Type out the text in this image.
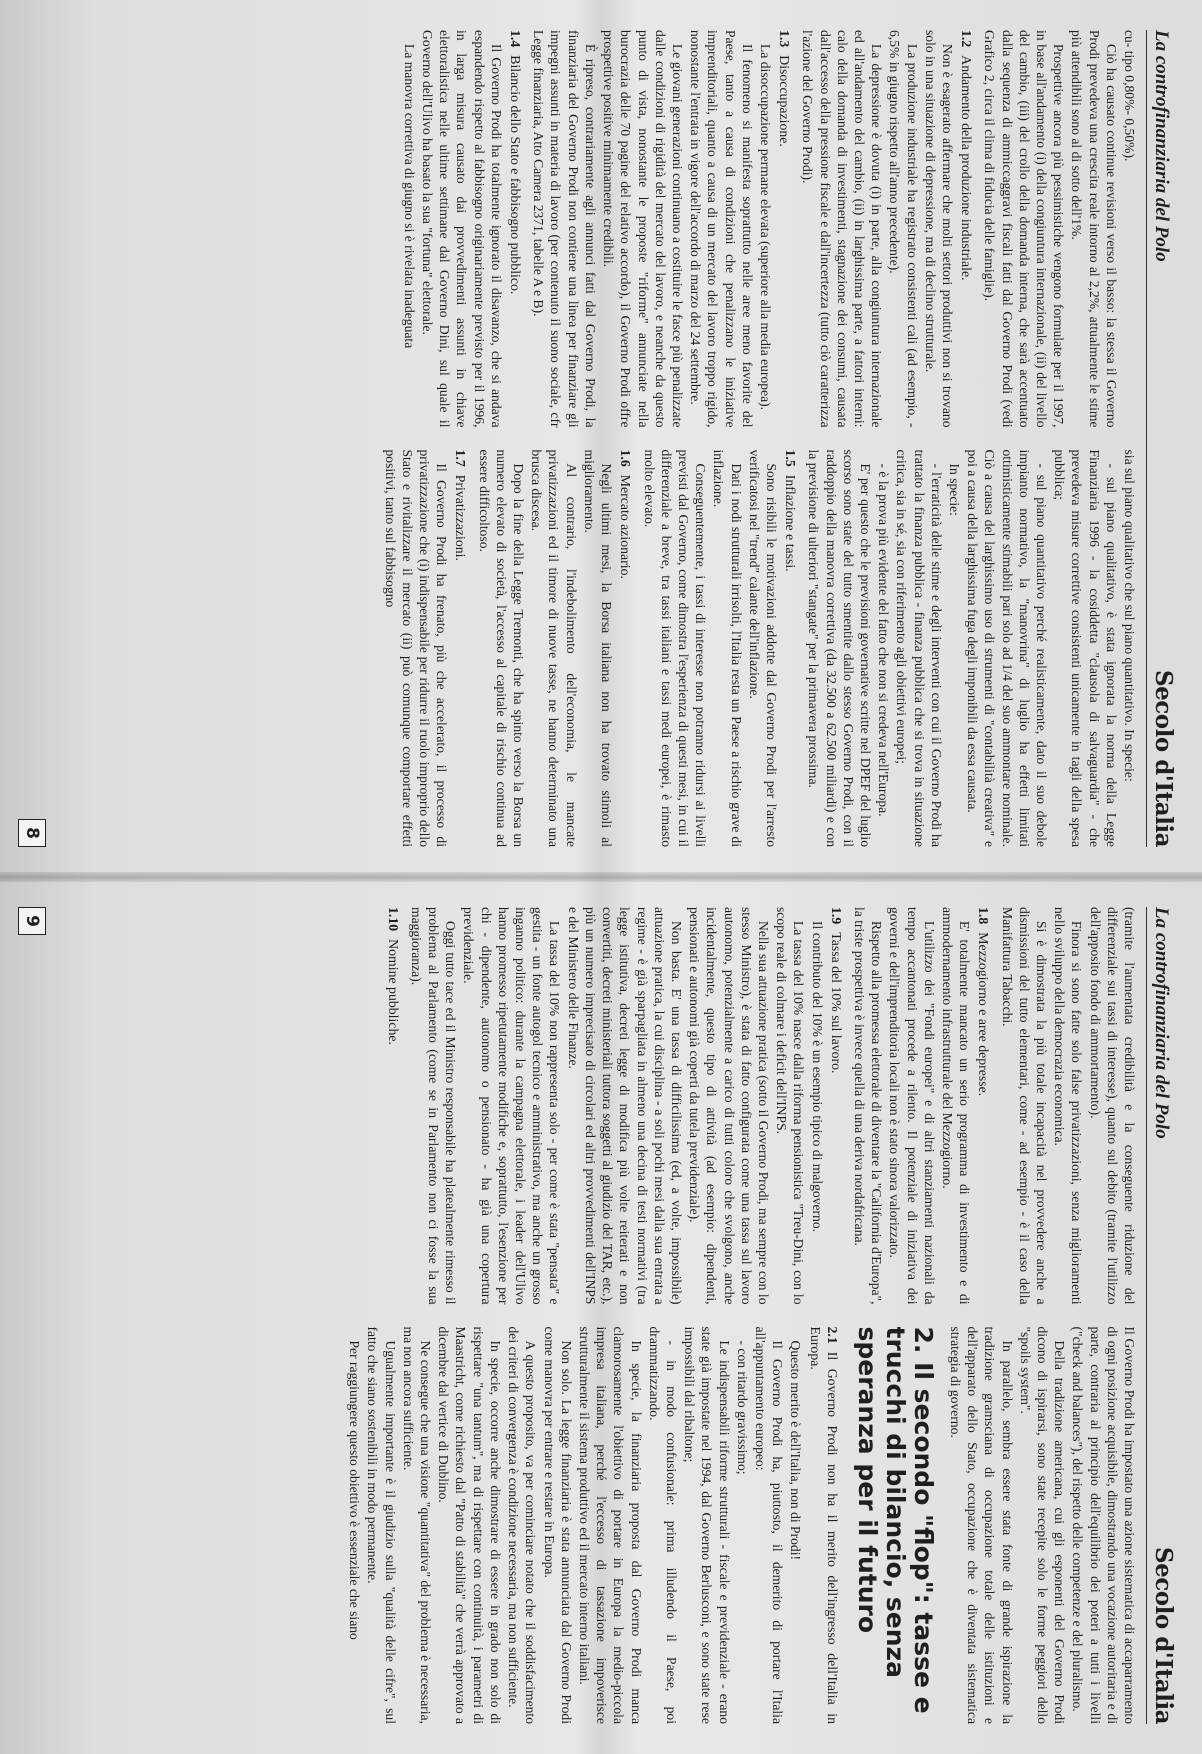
La controfinanziaria del Polo
Secolo d'Italia

cu- tipo 0,80%- 0,50%).

Ciò ha causato continue revisioni verso il basso: la stessa il Governo Prodi prevedeva una crescita reale intorno al 2,2%, attualmente le stime più attendibili sono al di sotto dell'1%.

Prospettive ancora più pessimistiche vengono formulate per il 1997, in base all'andamento (i) della congiuntura internazionale, (ii) del livello del cambio, (iii) del crollo della domanda interna, che sarà accentuato dalla sequenza di ammiccaggravi fiscali fatti dal Governo Prodi (vedi Grafico 2, circa il clima di fiducia delle famiglie).

1.2Andamento della produzione industriale.

Non è esagerato affermare che molti settori produttivi non si trovano solo in una situazione di depressione, ma di declino strutturale.

La produzione industriale ha registrato consistenti cali (ad esempio, - 6,5% in giugno rispetto all'anno precedente).

La depressione è dovuta (i) in parte, alla congiuntura internazionale ed all'andamento del cambio, (ii) in larghissima parte, a fattori interni: calo della domanda di investimenti, stagnazione dei consumi, causata dall'accesso della pressione fiscale e dall'incertezza (tutto ciò caratterizza l'azione del Governo Prodi).

1.3Disoccupazione.

La disoccupazione permane elevata (superiore alla media europea).

Il fenomeno si manifesta soprattutto nelle aree meno favorite del Paese, tanto a causa di condizioni che penalizzano le iniziative imprenditoriali, quanto a causa di un mercato del lavoro troppo rigido, nonostante l'entrata in vigore dell'accordo di marzo del 24 settembre.

Le giovani generazioni continuano a costituire le fasce più penalizzate dalle condizioni di rigidità del mercato del lavoro, e neanche da questo punto di vista, nonostante le proposte "riforme" annunciate nella burocrazia delle 70 pagine del relativo accordo), il Governo Prodi offre prospettive positive minimamente credibili.

È ripreso, contrariamente agli annunci fatti dal Governo Prodi, la finanziaria del Governo Prodi non contiene una linea per finanziare gli impegni assunti in materia di lavoro (per contenuto il suono sociale, cfr Legge finanziaria, Atto Camera 2371, tabelle A e B).

1.4Bilancio dello Stato e fabbisogno pubblico.

Il Governo Prodi ha totalmente ignorato il disavanzo, che si andava espandendo rispetto al fabbisogno originariamente previsto per il 1996, in larga misura causato dai provvedimenti assunti in chiave elettoralistica nelle ultime settimane dal Governo Dini, sul quale il Governo dell'Ulivo ha basato la sua "fortuna" elettorale.

La manovra correttiva di giugno si è rivelata inadeguata

sia sul piano qualitativo che sul piano quantitativo. In specie:

- sul piano qualitativo, è stata ignorata la norma della Legge Finanziaria 1996 - la cosiddetta "clausola di salvaguardia" - che prevedeva misure correttive consistenti unicamente in tagli della spesa pubblica;

- sul piano quantitativo perché realisticamente, dato il suo debole impianto normativo, la "manovrina" di luglio ha effetti limitati ottimisticamente stimabili pari solo ad 1/4 del suo ammontare nominale. Ciò a causa del larghissimo uso di strumenti di "contabilità creativa" e poi a causa della larghissima fuga degli imponibili da essa causata.

In specie:

- l'erraticità delle stime e degli interventi con cui il Governo Prodi ha trattato la finanza pubblica - finanza pubblica che si trova in situazione critica, sia in sé, sia con riferimento agli obiettivi europei;

- è la prova più evidente del fatto che non si credeva nell'Europa.

E' per questo che le previsioni governative scritte nel DPEF del luglio scorso sono state del tutto smentite dallo stesso Governo Prodi, con il raddoppio della manovra correttiva (da 32.500 a 62.500 miliardi) e con la previsione di ulteriori "stangate" per la primavera prossima.

1.5Inflazione e tassi.

Sono risibili le motivazioni addotte dal Governo Prodi per l'arresto verificatosi nel "trend" calante dell'inflazione.

Dati i nodi strutturali irrisolti, l'Italia resta un Paese a rischio grave di inflazione.

Conseguentemente, i tassi di interesse non potranno ridursi ai livelli previsti dal Governo, come dimostra l'esperienza di questi mesi, in cui il differenziale a breve, tra tassi italiani e tassi medi europei, è rimasto molto elevato.

1.6Mercato azionario.

Negli ultimi mesi, la Borsa italiana non ha trovato stimoli al miglioramento.

Al contrario, l'indebolimento dell'economia, le mancate privatizzazioni ed il timore di nuove tasse, ne hanno determinato una brusca discesa.

Dopo la fine della Legge Tremonti, che ha spinto verso la Borsa un numero elevato di società, l'accesso al capitale di rischio continua ad essere difficoltoso.

1.7Privatizzazioni.

Il Governo Prodi ha frenato, più che accelerato, il processo di privatizzazione che (i) indispensabile per ridurre il ruolo improprio dello Stato e rivitalizzare il mercato (ii) può comunque comportare effetti positivi, tanto sul fabbisogno

8
La controfinanziaria del Polo
Secolo d'Italia

(tramite l'aumentata credibilità e la conseguente riduzione del differenziale sui tassi di interesse), quanto sul debito (tramite l'utilizzo dell'apposito fondo di ammortamento).

Finora si sono fatte solo false privatizzazioni, senza miglioramenti nello sviluppo della democrazia economica.

Si è dimostrata la più totale incapacità nel provvedere anche a dismissioni del tutto elementari, come - ad esempio - è il caso della Manifattura Tabacchi.

1.8Mezzogiorno e aree depresse.

E' totalmente mancato un serio programma di investimento e di ammodernamento infrastrutturale del Mezzogiorno.

L'utilizzo dei "Fondi europei" e di altri stanziamenti nazionali da tempo accantonati procede a rilento. Il potenziale di iniziativa dei governi e dell'imprenditoria locali non è stato sinora valorizzato.

Rispetto alla promessa elettorale di diventare la "California d'Europa", la triste prospettiva è invece quella di una deriva nordafricana.

1.9Tassa del 10% sul lavoro.

Il contributo del 10% è un esempio tipico di malgoverno.

La tassa del 10% nasce dalla riforma pensionistica "Treu-Dini, con lo scopo reale di colmare i deficit dell'INPS.

Nella sua attuazione pratica (sotto il Governo Prodi, ma sempre con lo stesso Ministro), è stata di fatto configurata come una tassa sul lavoro autonomo, potenzialmente a carico di tutti coloro che svolgono, anche incidentalmente, questo tipo di attività (ad esempio: dipendenti, pensionati e autonomi già coperti da tutela previdenziale).

Non basta. E' una tassa di difficilissima (ed, a volte, impossibile) attuazione pratica, la cui disciplina - a soli pochi mesi dalla sua entrata a regime - è già sparpagliata in almeno una decina di testi normativi (tra legge istitutiva, decreti legge di modifica più volte reiterati e non convertiti, decreti ministeriali tuttora soggetti al giudizio del TAR, etc.), più un numero imprecisato di circolari ed altri provvedimenti dell'INPS e del Ministero delle Finanze.

La tassa del 10% non rappresenta solo - per come è stata "pensata" e gestita - un fonte autogol tecnico e amministrativo, ma anche un grosso inganno politico: durante la campagna elettorale, i leader dell'Ulivo hanno promesso ripetutamente modifiche e, soprattutto, l'esenzione per chi - dipendente, autonomo o pensionato - ha già una copertura previdenziale.

Oggi tutto tace ed il Ministro responsabile ha platealmente rimesso il problema al Parlamento (come se in Parlamento non ci fosse la sua maggioranza).

1.10Nomine pubbliche.

Il Governo Prodi ha impostato una azione sistematica di accaparramento di ogni posizione acquisibile, dimostrando una vocazione autoritaria e di parte, contraria al principio dell'equilibrio dei poteri a tutti i livelli ("check and balances"), del rispetto delle competenze e del pluralismo.

Della tradizione americana, cui gli esponenti del Governo Prodi dicono di ispirarsi, sono state recepite solo le forme peggiori dello "spoils system".

In parallelo, sembra essere stata fonte di grande ispirazione la tradizione gramsciana di occupazione totale delle istituzioni e dell'apparato dello Stato, occupazione che è diventata sistematica strategia di governo.

2. Il secondo "flop": tasse e trucchi di bilancio, senza speranza per il futuro
2.1Il Governo Prodi non ha il merito dell'ingresso dell'Italia in Europa.

Questo merito è dell'Italia, non di Prodi!

Il Governo Prodi ha, piuttosto, il demerito di portare l'Italia all'appuntamento europeo:

- con ritardo gravissimo;

Le indispensabili riforme strutturali - fiscale e previdenziale - erano state già impostate nel 1994, dal Governo Berlusconi, e sono state rese impossibili dal ribaltone;

- in modo confusionale: prima illudendo il Paese, poi drammatizzando.

In specie, la finanziaria proposta dal Governo Prodi manca clamorosamente l'obiettivo di portare in Europa la medio-piccola impresa italiana, perché l'eccesso di tassazione impoverisce strutturalmente il sistema produttivo ed il mercato interno italiani.

Non solo. La legge finanziaria è stata annunciata dal Governo Prodi come manovra per entrare e restare in Europa.

A questo proposito, va per cominciare notato che il soddisfacimento dei criteri di convergenza è condizione necessaria, ma non sufficiente.

In specie, occorre anche dimostrare di essere in grado non solo di rispettare "una tantum", ma di rispettare con continuità, i parametri di Maastricht, come richiesto dal "Patto di stabilità" che verrà approvato a dicembre dal vertice di Dublino.

Ne consegue che una visione "quantitativa" del problema è necessaria, ma non ancora sufficiente.

Ugualmente importante è il giudizio sulla "qualità delle cifre", sul fatto che siano sostenibili in modo permanente.

Per raggiungere questo obiettivo è essenziale che siano

9
